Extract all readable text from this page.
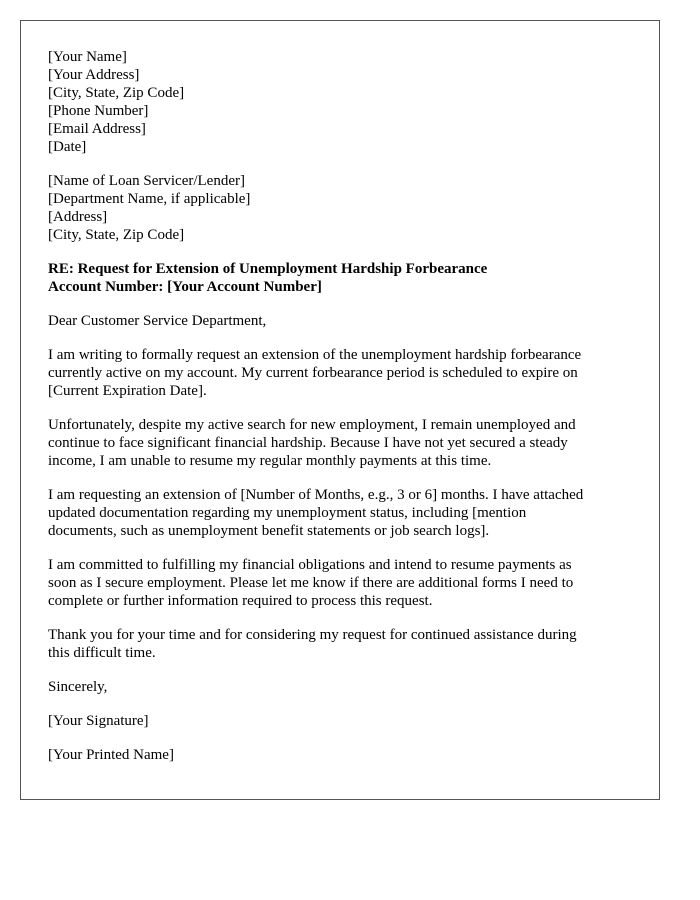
[Your Name]
[Your Address]
[City, State, Zip Code]
[Phone Number]
[Email Address]
[Date]
[Name of Loan Servicer/Lender]
[Department Name, if applicable]
[Address]
[City, State, Zip Code]
RE: Request for Extension of Unemployment Hardship Forbearance
Account Number: [Your Account Number]
Dear Customer Service Department,
I am writing to formally request an extension of the unemployment hardship forbearance
currently active on my account. My current forbearance period is scheduled to expire on
[Current Expiration Date].
Unfortunately, despite my active search for new employment, I remain unemployed and
continue to face significant financial hardship. Because I have not yet secured a steady
income, I am unable to resume my regular monthly payments at this time.
I am requesting an extension of [Number of Months, e.g., 3 or 6] months. I have attached
updated documentation regarding my unemployment status, including [mention
documents, such as unemployment benefit statements or job search logs].
I am committed to fulfilling my financial obligations and intend to resume payments as
soon as I secure employment. Please let me know if there are additional forms I need to
complete or further information required to process this request.
Thank you for your time and for considering my request for continued assistance during
this difficult time.
Sincerely,
[Your Signature]
[Your Printed Name]
